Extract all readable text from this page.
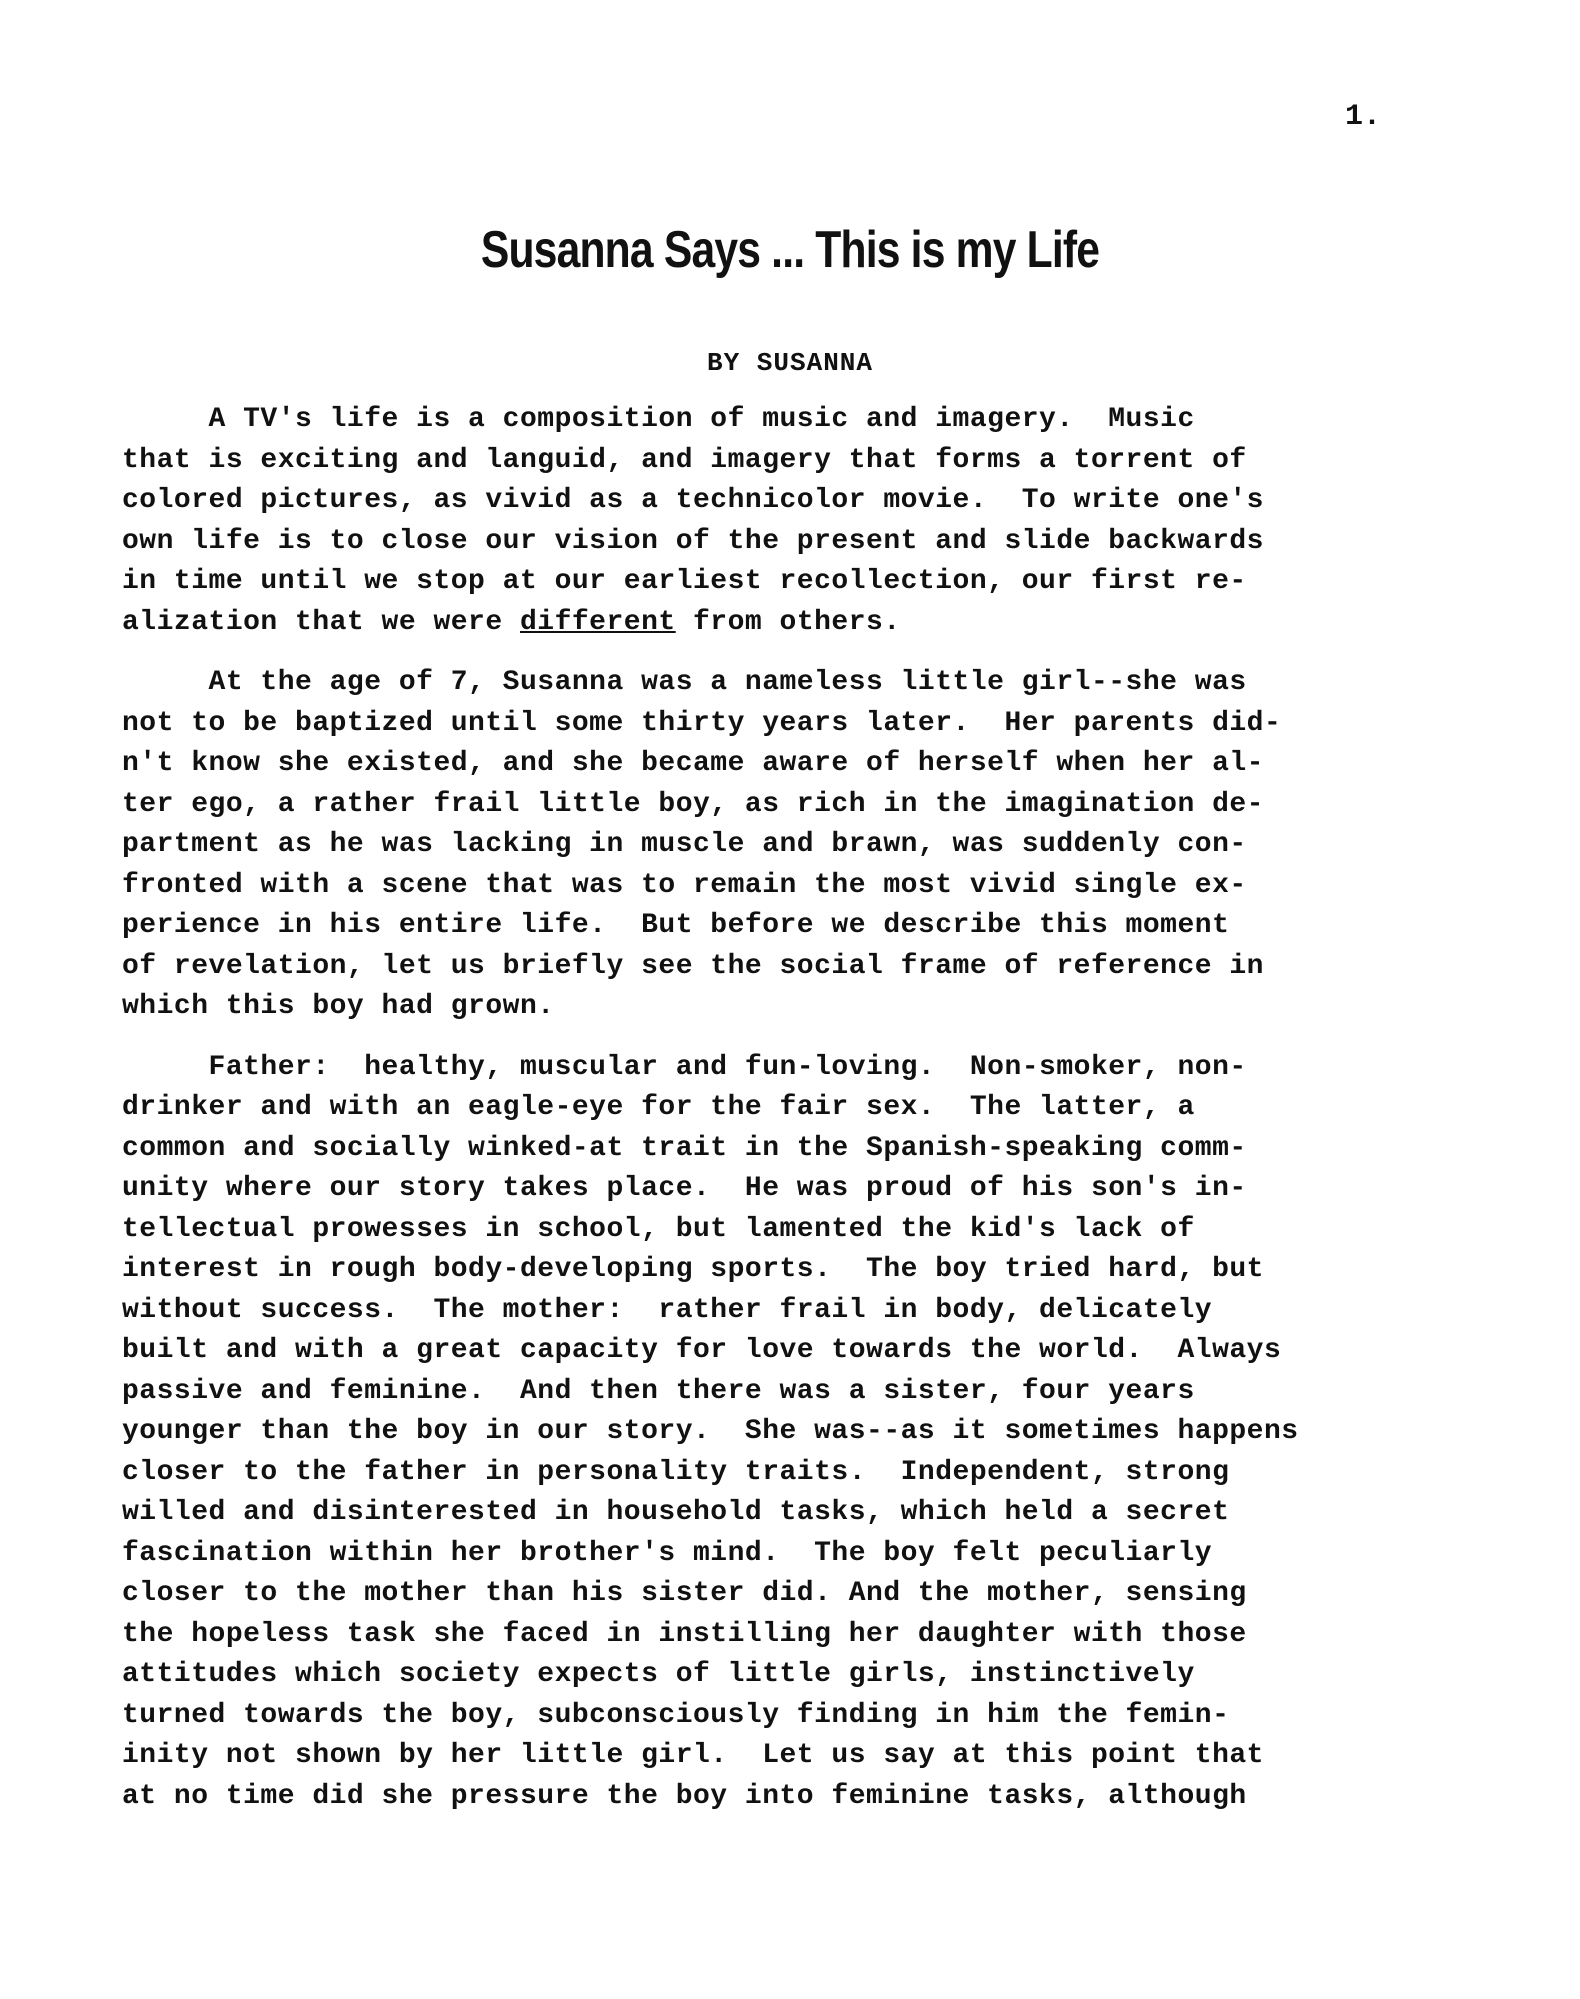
1.
Susanna Says ... This is my Life
BY SUSANNA
A TV's life is a composition of music and imagery.  Music
that is exciting and languid, and imagery that forms a torrent of
colored pictures, as vivid as a technicolor movie.  To write one's
own life is to close our vision of the present and slide backwards
in time until we stop at our earliest recollection, our first re-
alization that we were different from others.
At the age of 7, Susanna was a nameless little girl--she was
not to be baptized until some thirty years later.  Her parents did-
n't know she existed, and she became aware of herself when her al-
ter ego, a rather frail little boy, as rich in the imagination de-
partment as he was lacking in muscle and brawn, was suddenly con-
fronted with a scene that was to remain the most vivid single ex-
perience in his entire life.  But before we describe this moment
of revelation, let us briefly see the social frame of reference in
which this boy had grown.
Father:  healthy, muscular and fun-loving.  Non-smoker, non-
drinker and with an eagle-eye for the fair sex.  The latter, a
common and socially winked-at trait in the Spanish-speaking comm-
unity where our story takes place.  He was proud of his son's in-
tellectual prowesses in school, but lamented the kid's lack of
interest in rough body-developing sports.  The boy tried hard, but
without success.  The mother:  rather frail in body, delicately
built and with a great capacity for love towards the world.  Always
passive and feminine.  And then there was a sister, four years
younger than the boy in our story.  She was--as it sometimes happens
closer to the father in personality traits.  Independent, strong
willed and disinterested in household tasks, which held a secret
fascination within her brother's mind.  The boy felt peculiarly
closer to the mother than his sister did. And the mother, sensing
the hopeless task she faced in instilling her daughter with those
attitudes which society expects of little girls, instinctively
turned towards the boy, subconsciously finding in him the femin-
inity not shown by her little girl.  Let us say at this point that
at no time did she pressure the boy into feminine tasks, although
